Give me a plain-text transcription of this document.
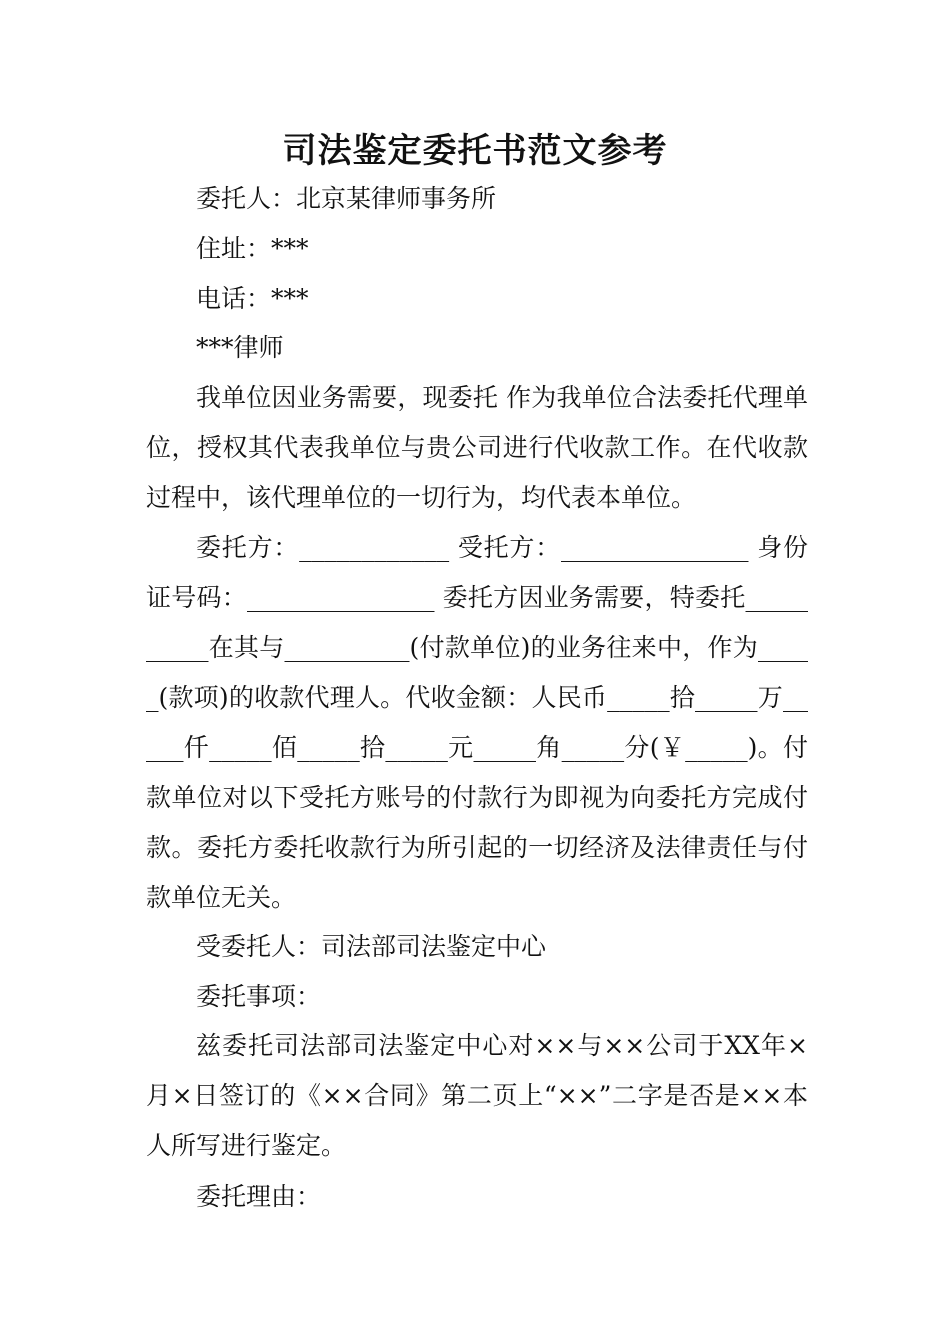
司法鉴定委托书范文参考

委托人：北京某律师事务所

住址：***

电话：***

***律师

我单位因业务需要，现委托 作为我单位合法委托代理单位，授权其代表我单位与贵公司进行代收款工作。在代收款过程中，该代理单位的一切行为，均代表本单位。

委托方：____________ 受托方：_______________ 身份证号码：_______________ 委托方因业务需要，特委托__________在其与__________(付款单位)的业务往来中，作为_____(款项)的收款代理人。代收金额：人民币_____拾_____万_____仟_____佰_____拾_____元_____角_____分(￥_____)。付款单位对以下受托方账号的付款行为即视为向委托方完成付款。委托方委托收款行为所引起的一切经济及法律责任与付款单位无关。

受委托人：司法部司法鉴定中心

委托事项：

兹委托司法部司法鉴定中心对××与××公司于XX年×月×日签订的《××合同》第二页上“××”二字是否是××本人所写进行鉴定。

委托理由：
